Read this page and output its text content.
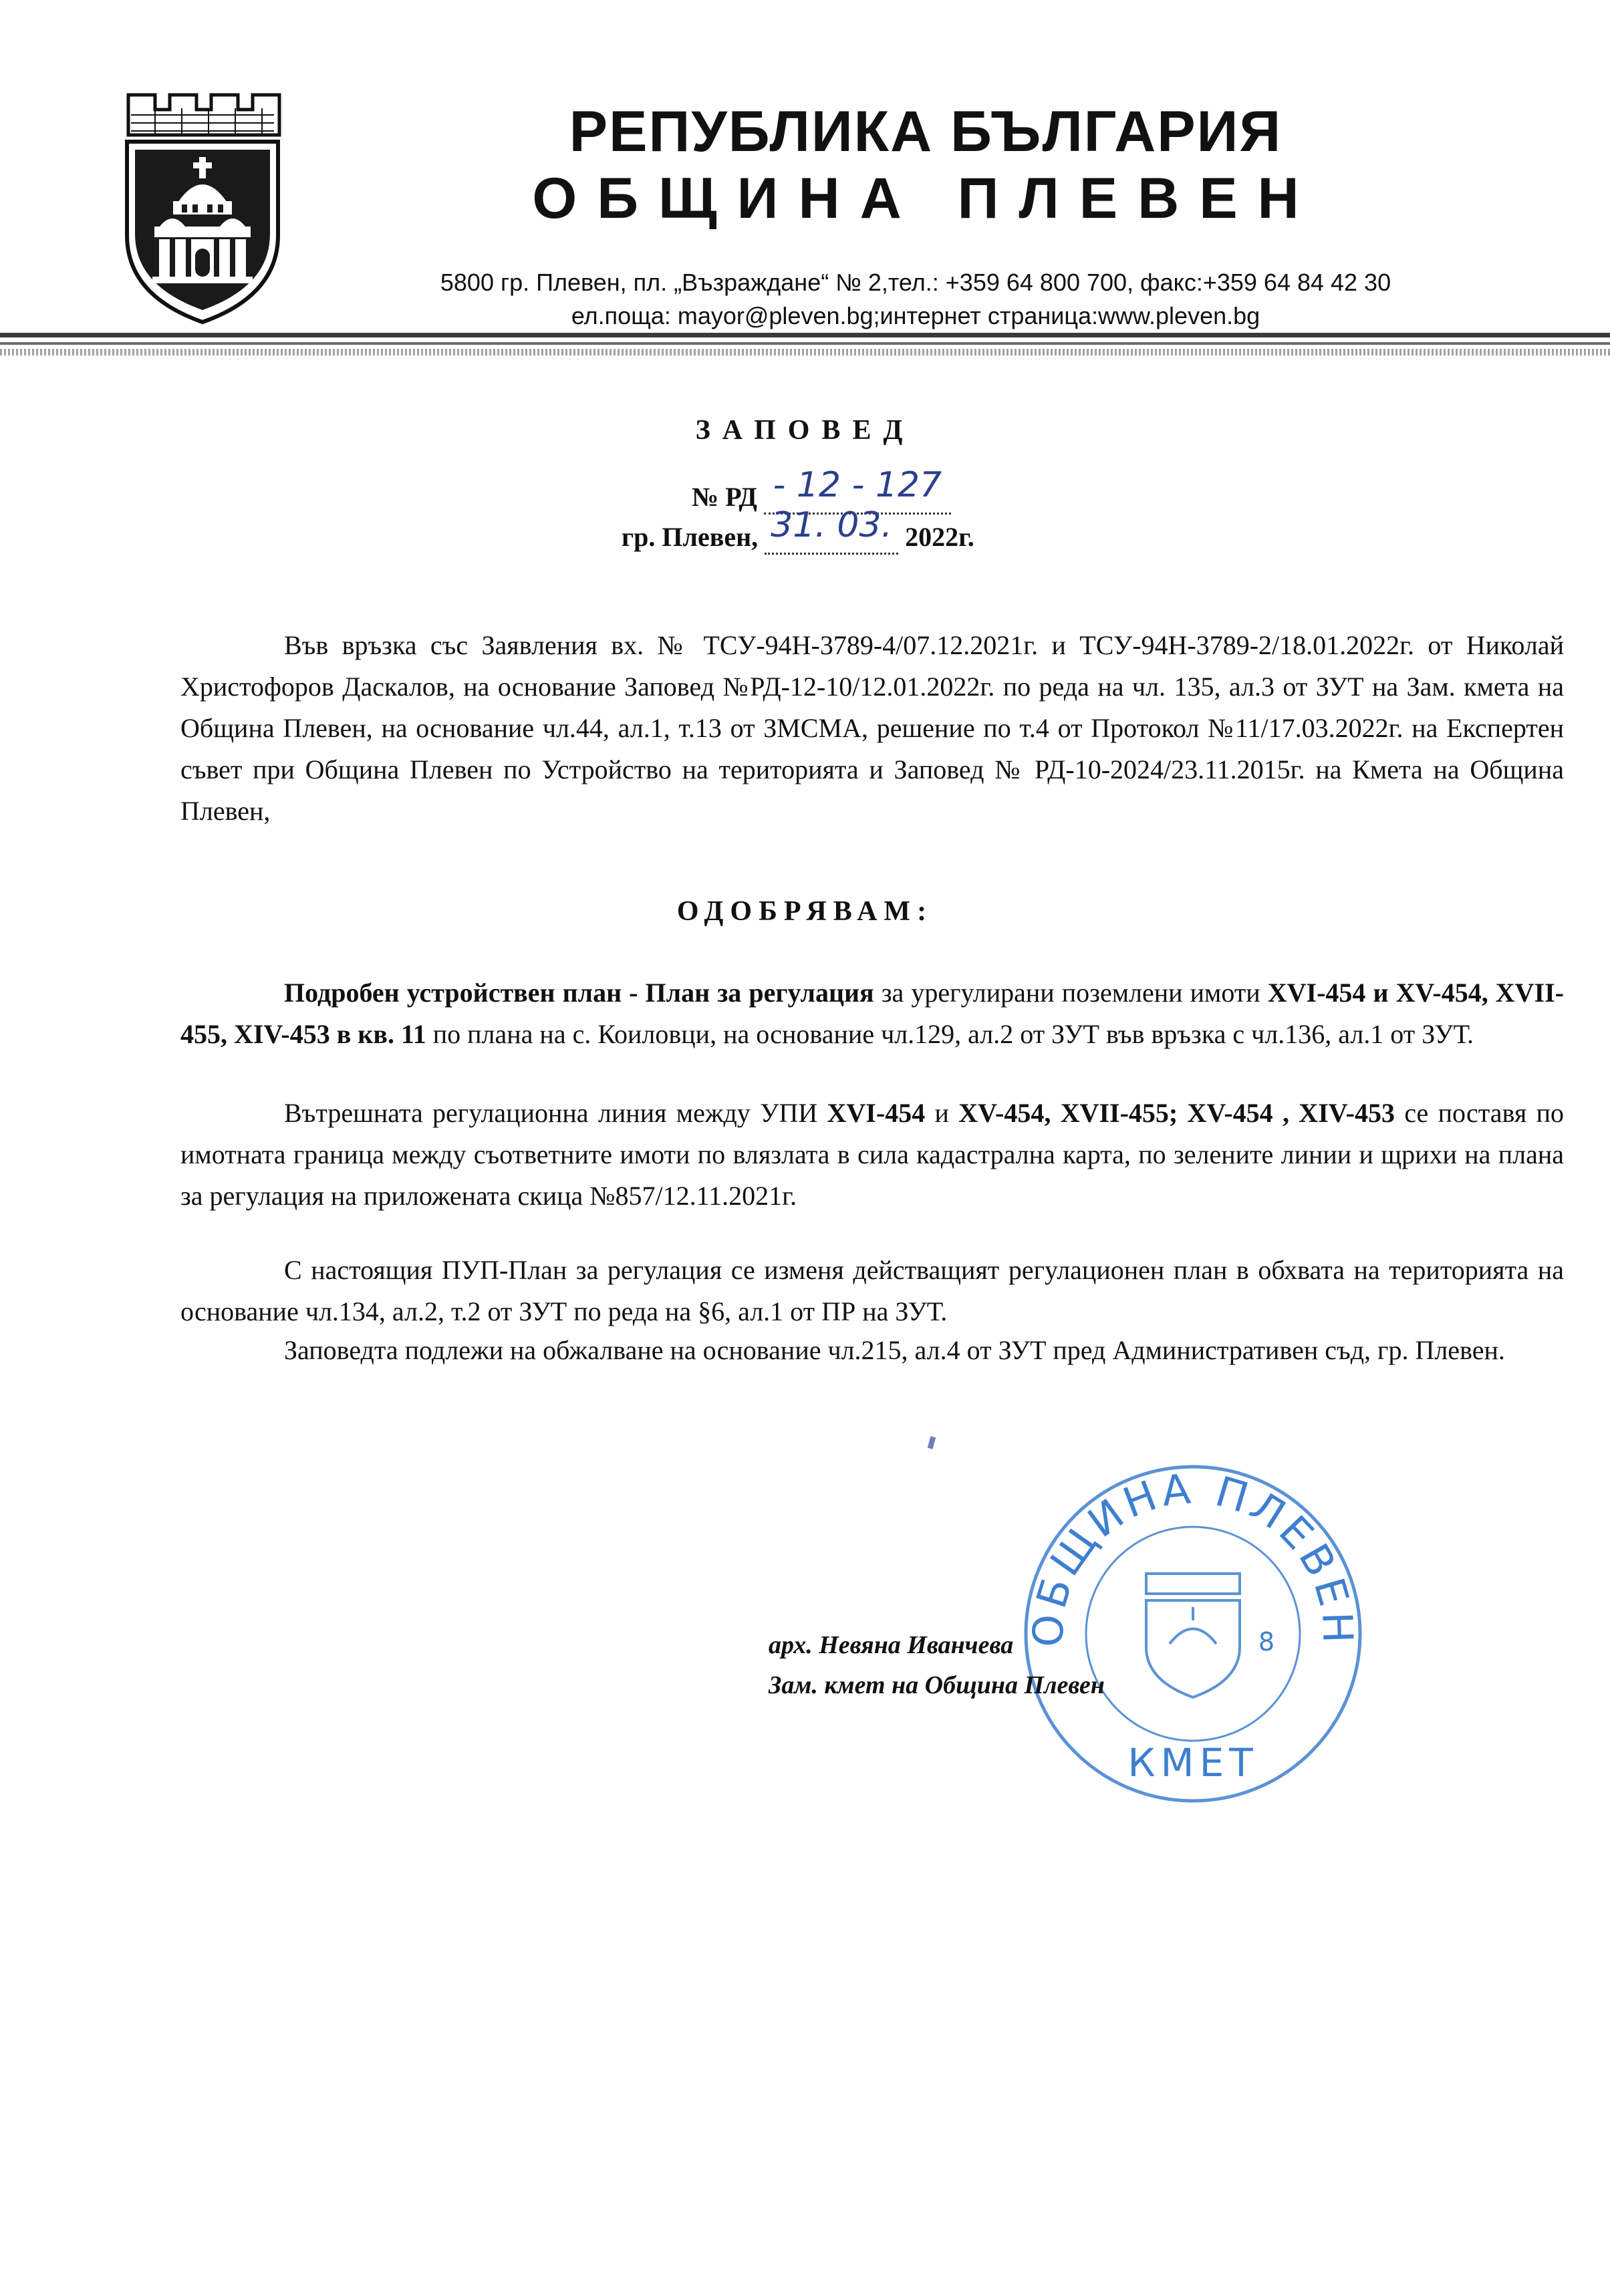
РЕПУБЛИКА БЪЛГАРИЯ
ОБЩИНА ПЛЕВЕН
5800 гр. Плевен, пл. „Възраждане“ № 2,тел.: +359 64 800 700, факс:+359 64 84 42 30
ел.поща: mayor@pleven.bg;интернет страница:www.pleven.bg
ЗАПОВЕД
№ РД - 12 - 127

гр. Плевен, 31. 03. 2022г.
Във връзка със Заявления вх. № ТСУ-94Н-3789-4/07.12.2021г. и ТСУ-94Н-3789-2/18.01.2022г. от Николай Христофоров Даскалов, на основание Заповед №РД-12-10/12.01.2022г. по реда на чл. 135, ал.3 от ЗУТ на Зам. кмета на Община Плевен, на основание чл.44, ал.1, т.13 от ЗМСМА, решение по т.4 от Протокол №11/17.03.2022г. на Експертен съвет при Община Плевен по Устройство на територията и Заповед № РД-10-2024/23.11.2015г. на Кмета на Община Плевен,
ОДОБРЯВАМ:
Подробен устройствен план - План за регулация за урегулирани поземлени имоти XVI-454 и XV-454, XVII-455, XIV-453 в кв. 11 по плана на с. Коиловци, на основание чл.129, ал.2 от ЗУТ във връзка с чл.136, ал.1 от ЗУТ.
Вътрешната регулационна линия между УПИ XVI-454 и XV-454, XVII-455; XV-454 , XIV-453 се поставя по имотната граница между съответните имоти по влязлата в сила кадастрална карта, по зелените линии и щрихи на плана за регулация на приложената скица №857/12.11.2021г.
С настоящия ПУП-План за регулация се изменя действащият регулационен план в обхвата на територията на основание чл.134, ал.2, т.2 от ЗУТ по реда на §6, ал.1 от ПР на ЗУТ.
Заповедта подлежи на обжалване на основание чл.215, ал.4 от ЗУТ пред Административен съд, гр. Плевен.
ОБЩИНА ПЛЕВЕН
КМЕТ
8
арх. Невяна Иванчева
Зам. кмет на Община Плевен
